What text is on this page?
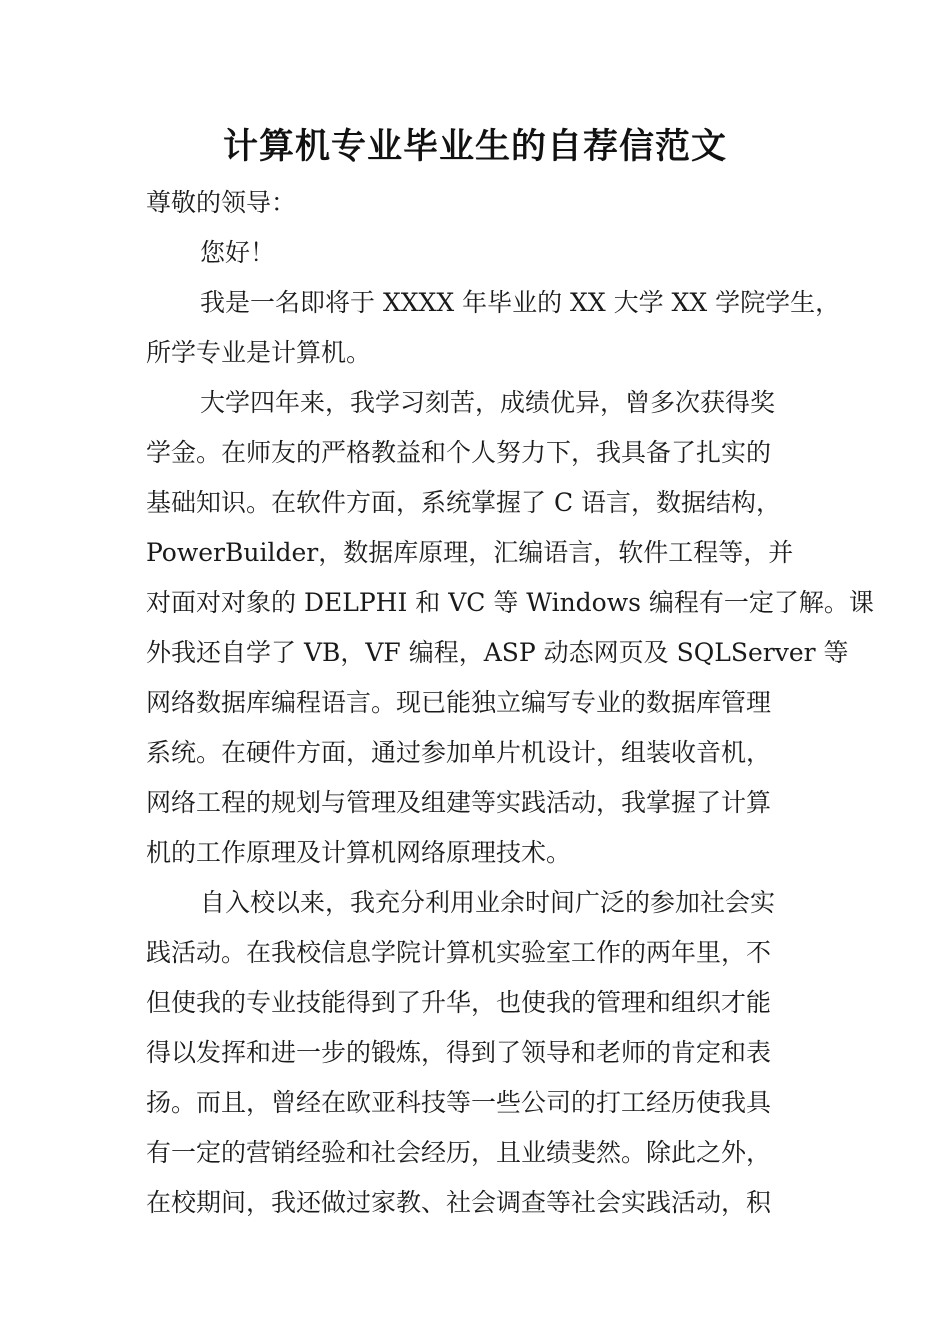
计算机专业毕业生的自荐信范文
尊敬的领导：
您好！
我是一名即将于 XXXX 年毕业的 XX 大学 XX 学院学生，
所学专业是计算机。
大学四年来，我学习刻苦，成绩优异，曾多次获得奖
学金。在师友的严格教益和个人努力下，我具备了扎实的
基础知识。在软件方面，系统掌握了 C 语言，数据结构，
PowerBuilder，数据库原理，汇编语言，软件工程等，并
对面对对象的 DELPHI 和 VC 等 Windows 编程有一定了解。课
外我还自学了 VB，VF 编程，ASP 动态网页及 SQLServer 等
网络数据库编程语言。现已能独立编写专业的数据库管理
系统。在硬件方面，通过参加单片机设计，组装收音机，
网络工程的规划与管理及组建等实践活动，我掌握了计算
机的工作原理及计算机网络原理技术。
自入校以来，我充分利用业余时间广泛的参加社会实
践活动。在我校信息学院计算机实验室工作的两年里，不
但使我的专业技能得到了升华，也使我的管理和组织才能
得以发挥和进一步的锻炼，得到了领导和老师的肯定和表
扬。而且，曾经在欧亚科技等一些公司的打工经历使我具
有一定的营销经验和社会经历，且业绩斐然。除此之外，
在校期间，我还做过家教、社会调查等社会实践活动，积
